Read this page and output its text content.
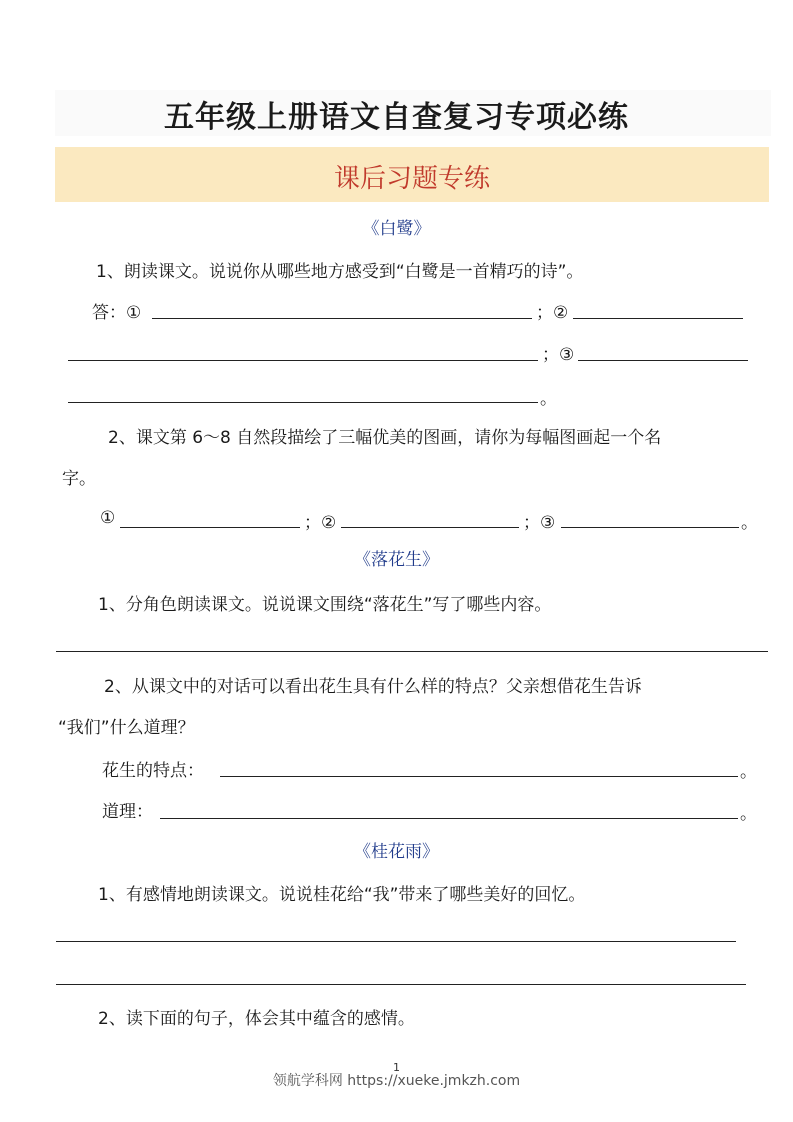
五年级上册语文自查复习专项必练
课后习题专练
《白鹭》
1、朗读课文。说说你从哪些地方感受到“白鹭是一首精巧的诗”。
答：①	；②
；③
。
2、课文第 6～8 自然段描绘了三幅优美的图画，请你为每幅图画起一个名
字。
①	；②	；③	。
《落花生》
1、分角色朗读课文。说说课文围绕“落花生”写了哪些内容。
2、从课文中的对话可以看出花生具有什么样的特点？父亲想借花生告诉
“我们”什么道理？
花生的特点：	。
道理：	。
《桂花雨》
1、有感情地朗读课文。说说桂花给“我”带来了哪些美好的回忆。
2、读下面的句子，体会其中蕴含的感情。
1
领航学科网 https://xueke.jmkzh.com
